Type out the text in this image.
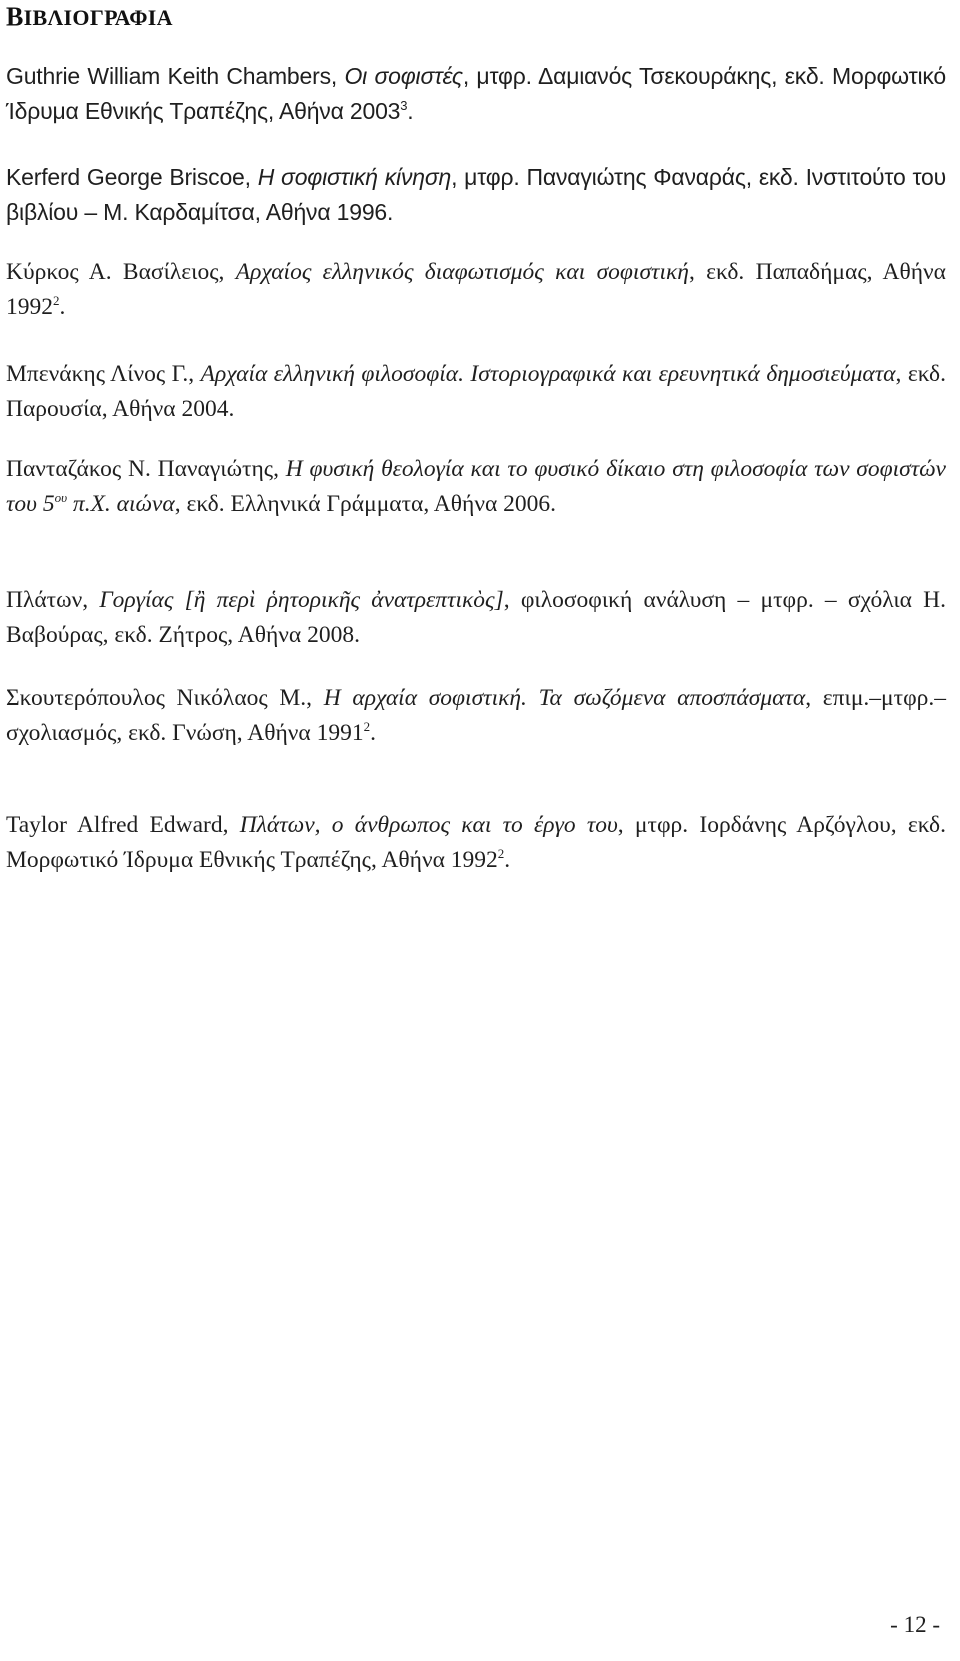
ΒΙΒΛΙΟΓΡΑΦΙΑ
Guthrie William Keith Chambers, Οι σοφιστές, μτφρ. Δαμιανός Τσεκουράκης, εκδ. Μορφωτικό Ίδρυμα Εθνικής Τραπέζης, Αθήνα 2003$^3$.
Kerferd George Briscoe, Η σοφιστική κίνηση, μτφρ. Παναγιώτης Φαναράς, εκδ. Ινστιτούτο του βιβλίου – Μ. Καρδαμίτσα, Αθήνα 1996.
Κύρκος Α. Βασίλειος, Αρχαίος ελληνικός διαφωτισμός και σοφιστική, εκδ. Παπαδήμας, Αθήνα 1992$^2$.
Μπενάκης Λίνος Γ., Αρχαία ελληνική φιλοσοφία. Ιστοριογραφικά και ερευνητικά δημοσιεύματα, εκδ. Παρουσία, Αθήνα 2004.
Πανταζάκος Ν. Παναγιώτης, Η φυσική θεολογία και το φυσικό δίκαιο στη φιλοσοφία των σοφιστών του $5^{o\upsilon}$ π.Χ. αιώνα, εκδ. Ελληνικά Γράμματα, Αθήνα 2006.
Πλάτων, Γοργίας [ἢ περὶ ῥητορικῆς ἀνατρεπτικὸς], φιλοσοφική ανάλυση – μτφρ. – σχόλια Η. Βαβούρας, εκδ. Ζήτρος, Αθήνα 2008.
Σκουτερόπουλος Νικόλαος Μ., Η αρχαία σοφιστική. Τα σωζόμενα αποσπάσματα, επιμ.–μτφρ.–σχολιασμός, εκδ. Γνώση, Αθήνα 1991$^2$.
Taylor Alfred Edward, Πλάτων, ο άνθρωπος και το έργο του, μτφρ. Ιορδάνης Αρζόγλου, εκδ. Μορφωτικό Ίδρυμα Εθνικής Τραπέζης, Αθήνα 1992$^2$.
- 12 -
